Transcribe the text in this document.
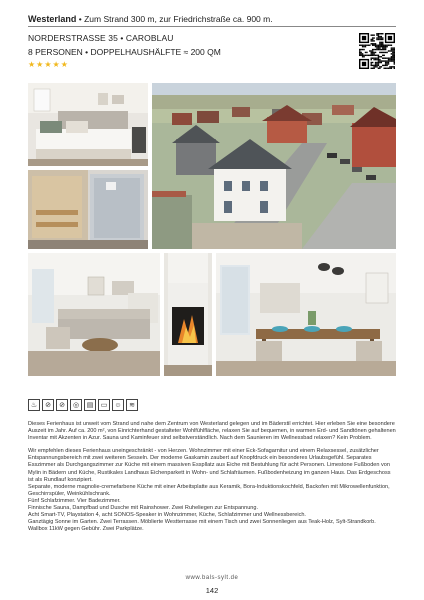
Westerland • Zum Strand 300 m, zur Friedrichstraße ca. 900 m.
NORDERSTRASSE 35 • CAROBLAU
8 PERSONEN • DOPPELHAUSHÄLFTE ≈ 200 QM
★★★★★
♨	⊘	⊘	◎	▤	▭	☺	≋

Dieses Ferienhaus ist unweit vom Strand und nahe dem Zentrum von Westerland gelegen und im Bäderstil errichtet. Hier erleben Sie eine besondere Auszeit im Jahr. Auf ca. 200 m², von Einrichterhand gestalteter Wohlfühlfläche, relaxen Sie auf bequemen, in warmen Erd- und Sandtönen gehaltenen Inventar mit Akzenten in Azur. Sauna und Kaminfeuer sind selbstverständlich. Nach dem Saunieren im Wellnessbad relaxen? Kein Problem.

Wir empfehlen dieses Ferienhaus uneingeschränkt - von Herzen. Wohnzimmer mit einer Eck-Sofagarnitur und einem Relaxsessel, zusätzlicher Entspannungsbereich mit zwei weiteren Sesseln. Der moderne Gaskamin zaubert auf Knopfdruck ein besonderes Urlaubsgefühl. Separates Esszimmer als Durchgangszimmer zur Küche mit einem massiven Esspllatz aus Eiche mit Bestuhlung für acht Personen. Limestone Fußboden von Mylin in Bädern und Küche, Rustikales Landhaus Eichenparkett in Wohn- und Schlafräumen. Fußbodenheizung im ganzen Haus. Das Erdgeschoss ist als Rundlauf konzipiert.

Separate, moderne magnolie-cremefarbene Küche mit einer Arbeitsplatte aus Keramik, Bora-Induktionskochfeld, Backofen mit Mikrowellenfunktion, Geschirrspüler, Weinkühlschrank.

Fünf Schlafzimmer. Vier Badezimmer.

Finnische Sauna, Dampfbad und Dusche mit Rainshower. Zwei Ruheliegen zur Entspannung.

Acht Smart-TV, Playstation 4, acht SONOS-Speaker in Wohnzimmer, Küche, Schlafzimmer und Wellnessbereich.

Ganztägig Sonne im Garten. Zwei Terrassen. Möblierte Westterrasse mit einem Tisch und zwei Sonnenliegen aus Teak-Holz, Sylt-Strandkorb. Wallbox 11kW gegen Gebühr. Zwei Parkplätze.

www.bals-sylt.de
142
